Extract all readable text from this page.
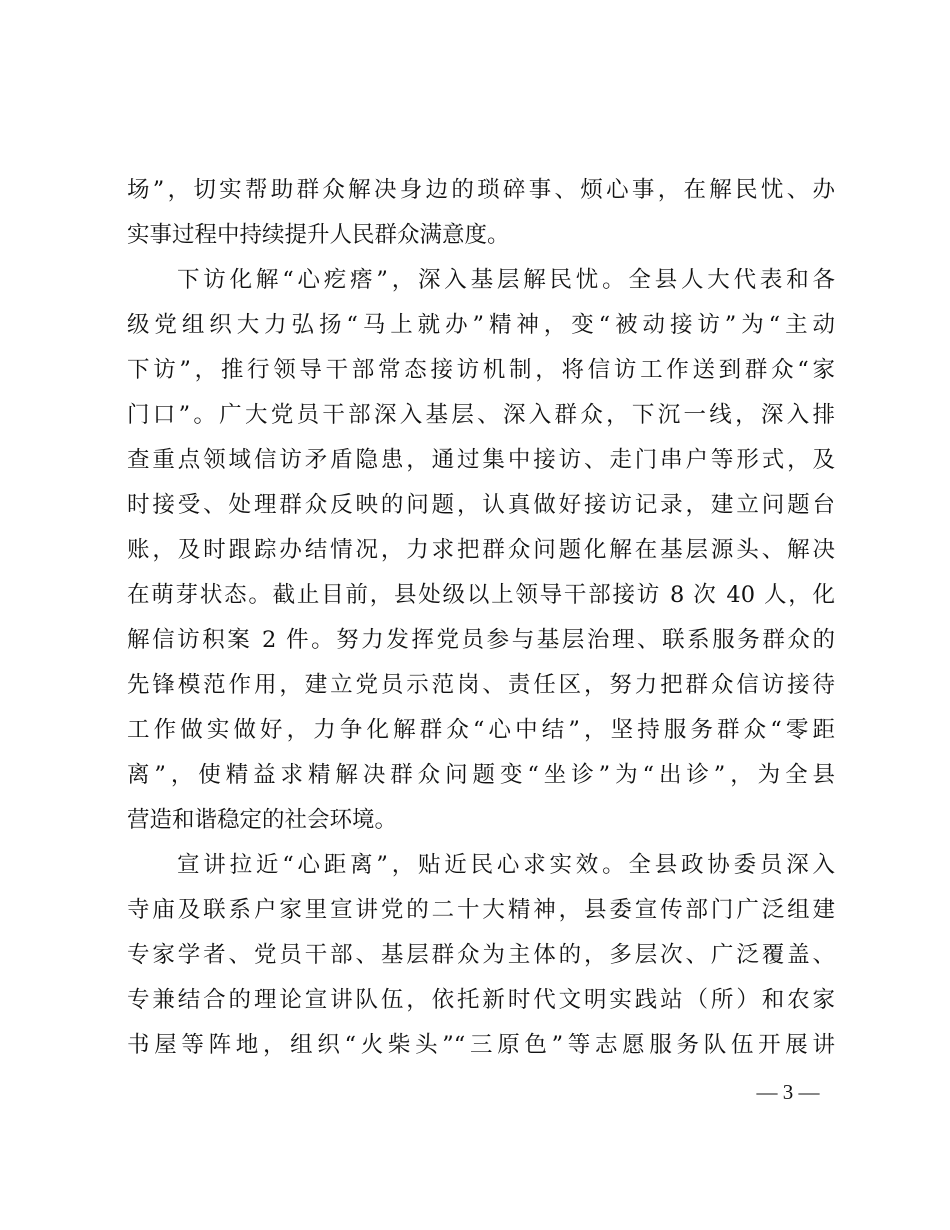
场”，切实帮助群众解决身边的琐碎事、烦心事，在解民忧、办
实事过程中持续提升人民群众满意度。
下访化解“心疙瘩”，深入基层解民忧。全县人大代表和各
级党组织大力弘扬“马上就办”精神，变“被动接访”为“主动
下访”，推行领导干部常态接访机制，将信访工作送到群众“家
门口”。广大党员干部深入基层、深入群众，下沉一线，深入排
查重点领域信访矛盾隐患，通过集中接访、走门串户等形式，及
时接受、处理群众反映的问题，认真做好接访记录，建立问题台
账，及时跟踪办结情况，力求把群众问题化解在基层源头、解决
在萌芽状态。截止目前，县处级以上领导干部接访 8 次 40 人，化
解信访积案 2 件。努力发挥党员参与基层治理、联系服务群众的
先锋模范作用，建立党员示范岗、责任区，努力把群众信访接待
工作做实做好，力争化解群众“心中结”，坚持服务群众“零距
离”，使精益求精解决群众问题变“坐诊”为“出诊”，为全县
营造和谐稳定的社会环境。
宣讲拉近“心距离”，贴近民心求实效。全县政协委员深入
寺庙及联系户家里宣讲党的二十大精神，县委宣传部门广泛组建
专家学者、党员干部、基层群众为主体的，多层次、广泛覆盖、
专兼结合的理论宣讲队伍，依托新时代文明实践站（所）和农家
书屋等阵地，组织“火柴头”“三原色”等志愿服务队伍开展讲
— 3 —
